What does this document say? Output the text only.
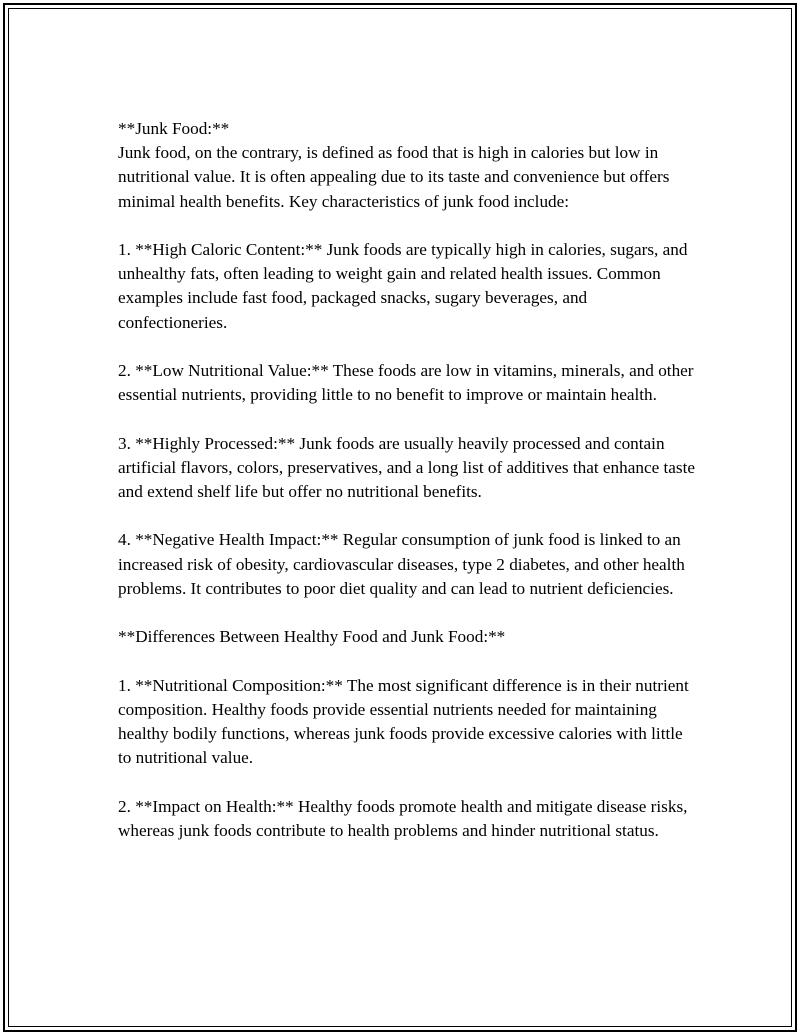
**Junk Food:**
Junk food, on the contrary, is defined as food that is high in calories but low in nutritional value. It is often appealing due to its taste and convenience but offers minimal health benefits. Key characteristics of junk food include:

1. **High Caloric Content:** Junk foods are typically high in calories, sugars, and unhealthy fats, often leading to weight gain and related health issues. Common examples include fast food, packaged snacks, sugary beverages, and confectioneries.

2. **Low Nutritional Value:** These foods are low in vitamins, minerals, and other essential nutrients, providing little to no benefit to improve or maintain health.

3. **Highly Processed:** Junk foods are usually heavily processed and contain artificial flavors, colors, preservatives, and a long list of additives that enhance taste and extend shelf life but offer no nutritional benefits.

4. **Negative Health Impact:** Regular consumption of junk food is linked to an increased risk of obesity, cardiovascular diseases, type 2 diabetes, and other health problems. It contributes to poor diet quality and can lead to nutrient deficiencies.

**Differences Between Healthy Food and Junk Food:**

1. **Nutritional Composition:** The most significant difference is in their nutrient composition. Healthy foods provide essential nutrients needed for maintaining healthy bodily functions, whereas junk foods provide excessive calories with little to nutritional value.

2. **Impact on Health:** Healthy foods promote health and mitigate disease risks, whereas junk foods contribute to health problems and hinder nutritional status.
